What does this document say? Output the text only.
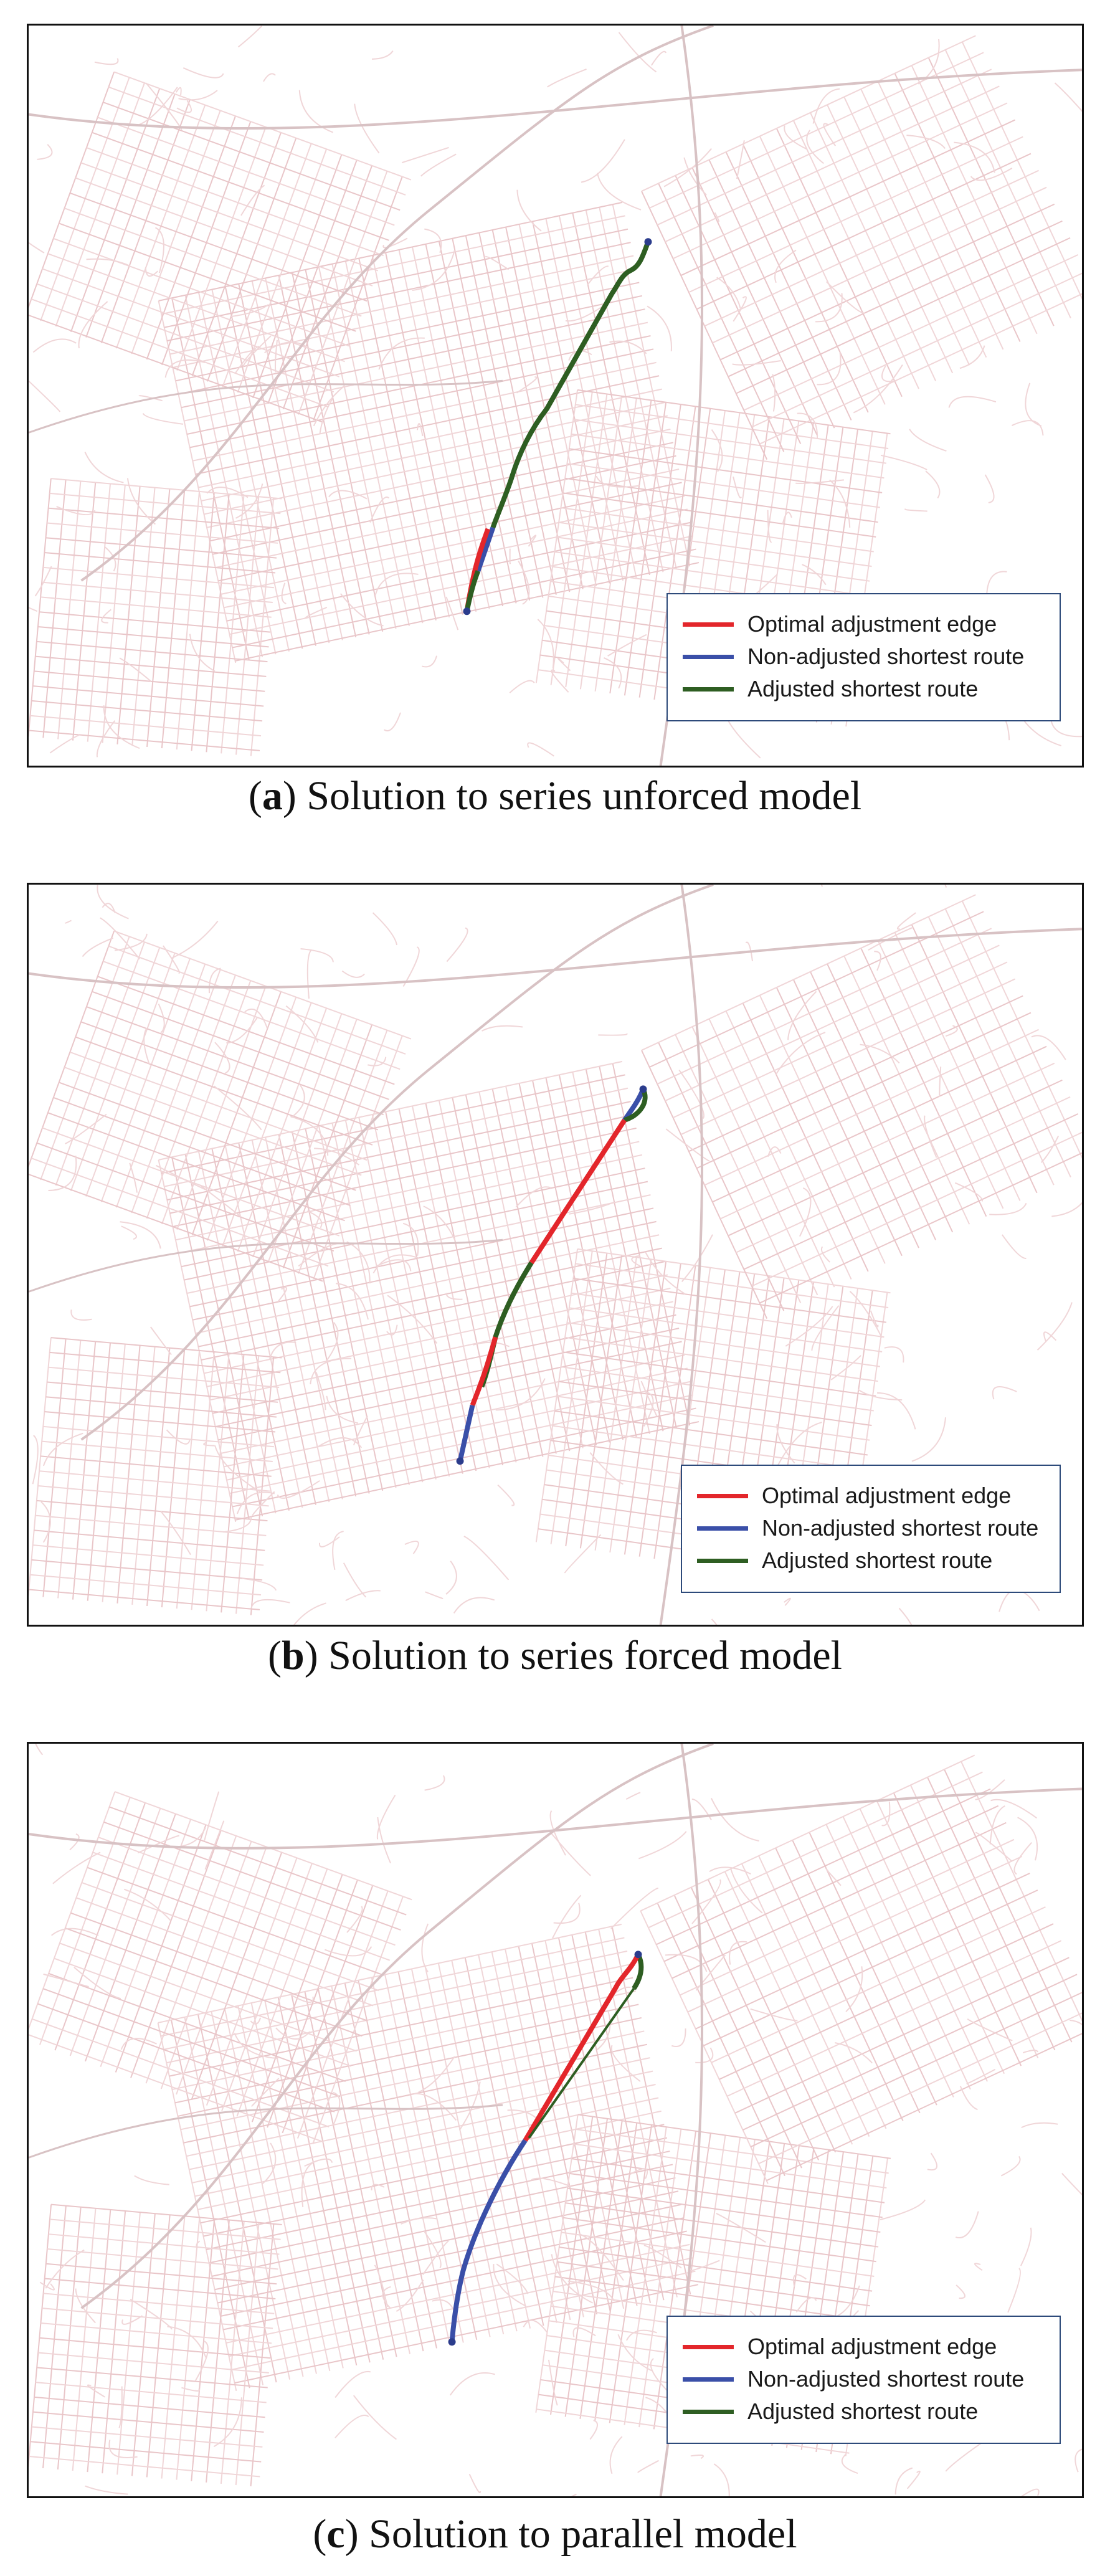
Optimal adjustment edge
Non-adjusted shortest route
Adjusted shortest route
(a) Solution to series unforced model
Optimal adjustment edge
Non-adjusted shortest route
Adjusted shortest route
(b) Solution to series forced model
Optimal adjustment edge
Non-adjusted shortest route
Adjusted shortest route
(c) Solution to parallel model
